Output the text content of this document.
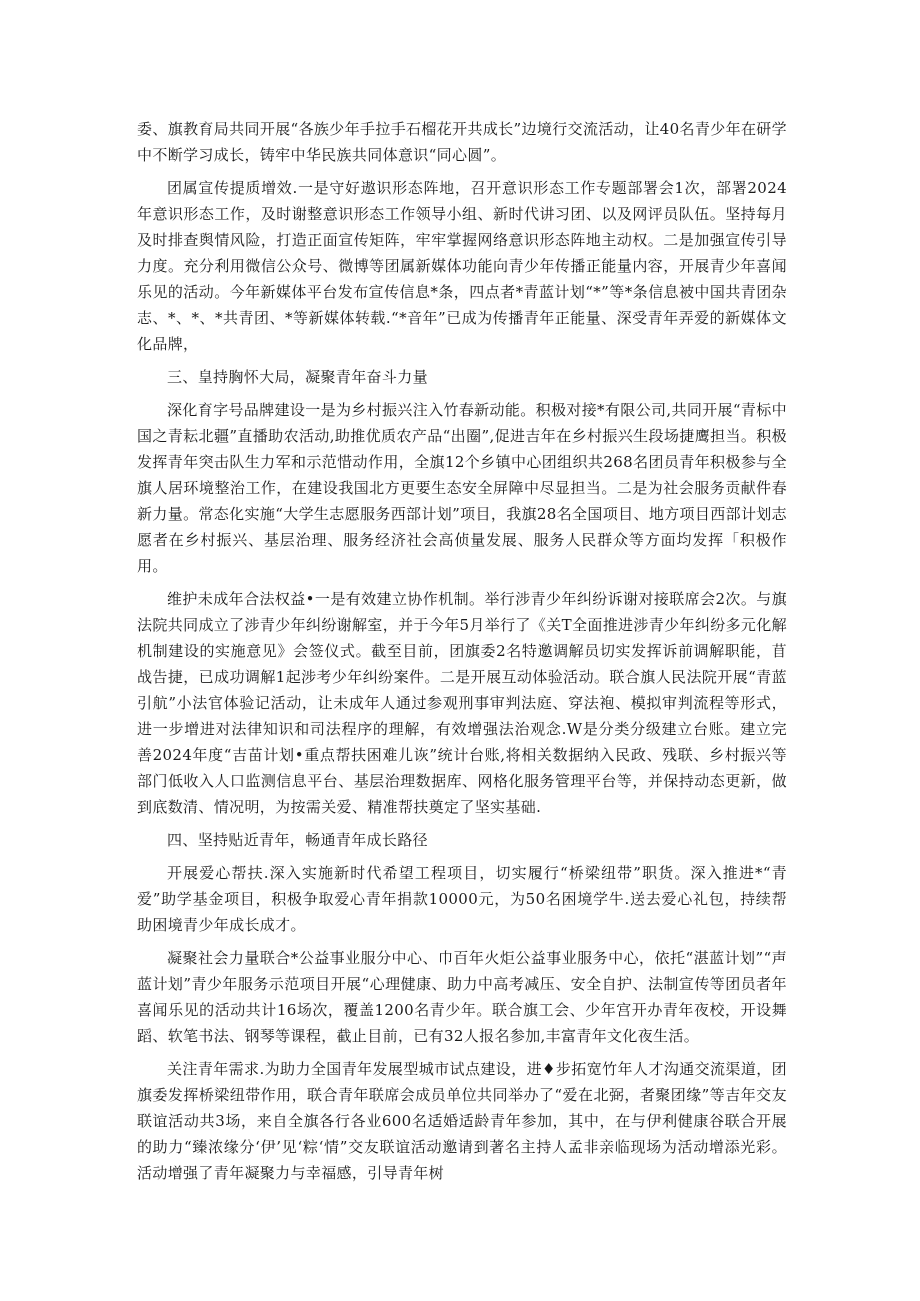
委、旗教育局共同开展“各族少年手拉手石榴花开共成长”边境行交流活动，让40名青少年在研学中不断学习成长，铸牢中华民族共同体意识“同心圆”。

团属宣传提质增效.一是守好遨识形态阵地，召开意识形态工作专题部署会1次，部署2024年意识形态工作，及时谢整意识形态工作领导小组、新时代讲习团、以及网评员队伍。坚持每月及时排查舆情风险，打造正面宣传矩阵，牢牢掌握网络意识形态阵地主动权。二是加强宣传引导力度。充分利用微信公众号、微博等团属新媒体功能向青少年传播正能量内容，开展青少年喜闻乐见的活动。今年新媒体平台发布宣传信息*条，四点者*青蓝计划“*”等*条信息被中国共青团杂志、*、*、*共青团、*等新媒体转载.“*音年”已成为传播青年正能量、深受青年弄爱的新媒体文化品牌，

三、皇持胸怀大局，凝聚青年奋斗力量

深化育字号品牌建设一是为乡村振兴注入竹春新动能。积极对接*有限公司,共同开展“青标中国之青耘北疆”直播助农活动,助推优质农产品“出圈”,促进吉年在乡村振兴生段场捷鹰担当。积极发挥青年突击队生力军和示范惜动作用，全旗12个乡镇中心团组织共268名团员青年积极参与全旗人居环境整治工作，在建设我国北方更要生态安全屏障中尽显担当。二是为社会服务贡献件春新力量。常态化实施“大学生志愿服务西部计划”项目，我旗28名全国项目、地方项目西部计划志愿者在乡村振兴、基层治理、服务经济社会高侦量发展、服务人民群众等方面均发挥「积极作用。

维护未成年合法权益•一是有效建立协作机制。举行涉青少年纠纷诉谢对接联席会2次。与旗法院共同成立了涉青少年纠纷谢解室，并于今年5月举行了《关T全面推进涉青少年纠纷多元化解机制建设的实施意见》会签仪式。截至目前，团旗委2名特邀调解员切实发挥诉前调解职能，苜战告捷，已成功调解1起涉考少年纠纷案件。二是开展互动体验活动。联合旗人民法院开展“青蓝引航”小法官体验记活动，让未成年人通过参观刑事审判法庭、穿法袍、模拟审判流程等形式，进一步增进对法律知识和司法程序的理解，有效增强法治观念.W是分类分级建立台账。建立完善2024年度“吉苗计划•重点帮扶困难儿诙”统计台账,将相关数据纳入民政、残联、乡村振兴等部门低收入人口监测信息平台、基层治理数据库、网格化服务管理平台等，并保持动态更新，做到底数清、情况明，为按需关爱、精准帮扶奠定了坚实基础.

四、坚持贴近青年，畅通青年成长路径

开展爱心帮扶.深入实施新时代希望工程项目，切实履行“桥梁纽带”职货。深入推进*“青爱”助学基金项目，积极争取爱心青年捐款10000元，为50名困境学牛.送去爱心礼包，持续帮助困境青少年成长成才。

凝聚社会力量联合*公益事业服分中心、巾百年火炬公益事业服务中心，依托“湛蓝计划”“声蓝计划”青少年服务示范项目开展“心理健康、助力中高考减压、安全自护、法制宣传等团员者年喜闻乐见的活动共计16场次，覆盖1200名青少年。联合旗工会、少年宫开办青年夜校，开设舞蹈、软笔书法、钢琴等课程，截止目前，已有32人报名参加,丰富青年文化夜生活。

关注青年需求.为助力全国青年发展型城市试点建设，进♦步拓宽竹年人才沟通交流渠道，团旗委发挥桥梁纽带作用，联合青年联席会成员单位共同举办了“爱在北弼，者聚团缘”等吉年交友联谊活动共3场，来自全旗各行各业600名适婚适龄青年参加，其中，在与伊利健康谷联合开展的助力“臻浓缘分‘伊’见‘粽‘情”交友联谊活动邀请到著名主持人孟非亲临现场为活动增添光彩。活动增强了青年凝聚力与幸福感，引导青年树
